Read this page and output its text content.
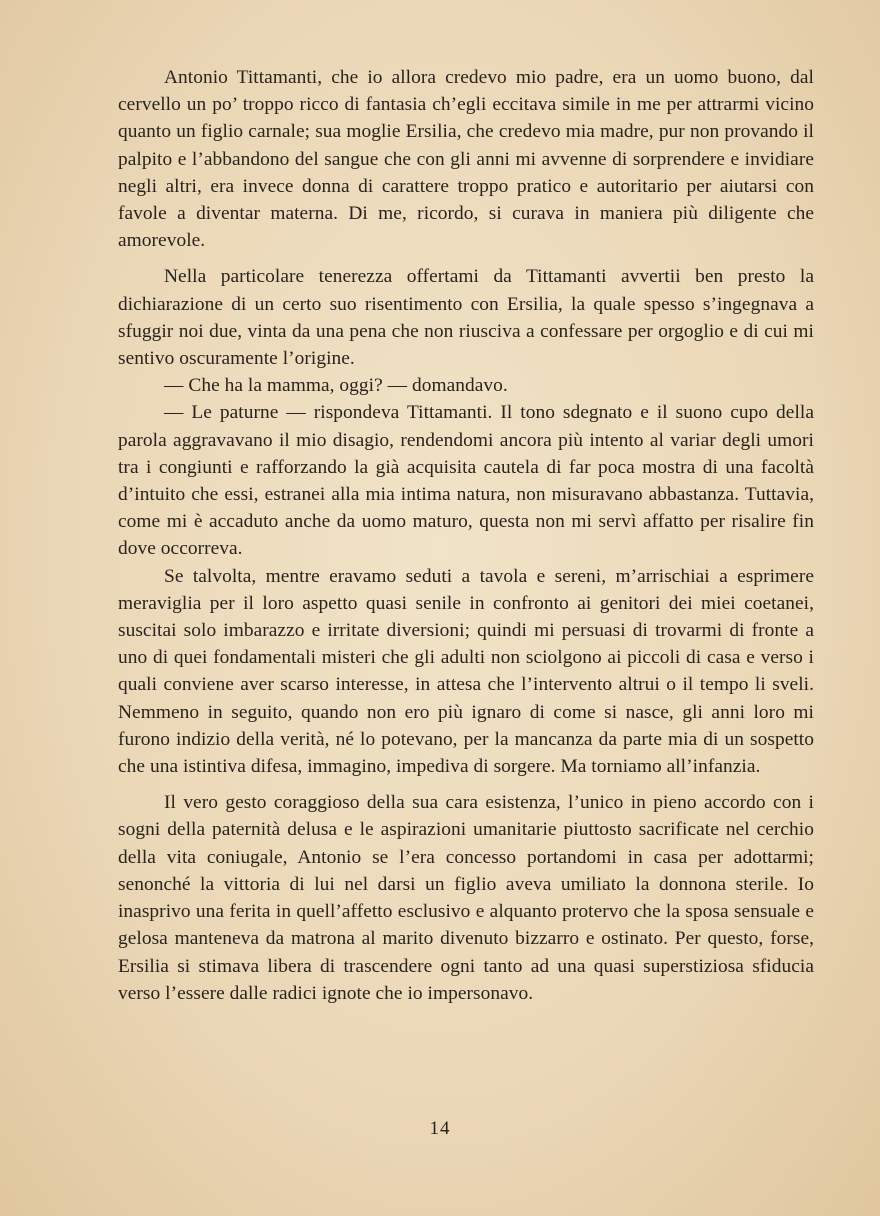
Antonio Tittamanti, che io allora credevo mio padre, era un uomo buono, dal cervello un po’ troppo ricco di fantasia ch’egli eccitava simile in me per attrarmi vicino quanto un figlio carnale; sua moglie Ersilia, che credevo mia madre, pur non provando il palpito e l’abbandono del sangue che con gli anni mi avvenne di sorprendere e invidiare negli altri, era invece donna di carattere troppo pratico e autoritario per aiutarsi con favole a diventar materna. Di me, ricordo, si curava in maniera più diligente che amorevole.

Nella particolare tenerezza offertami da Tittamanti avvertii ben presto la dichiarazione di un certo suo risentimento con Ersilia, la quale spesso s’ingegnava a sfuggir noi due, vinta da una pena che non riusciva a confessare per orgoglio e di cui mi sentivo oscuramente l’origine.

— Che ha la mamma, oggi? — domandavo.

— Le paturne — rispondeva Tittamanti. Il tono sdegnato e il suono cupo della parola aggravavano il mio disagio, rendendomi ancora più intento al variar degli umori tra i congiunti e rafforzando la già acquisita cautela di far poca mostra di una facoltà d’intuito che essi, estranei alla mia intima natura, non misuravano abbastanza. Tuttavia, come mi è accaduto anche da uomo maturo, questa non mi servì affatto per risalire fin dove occorreva.

Se talvolta, mentre eravamo seduti a tavola e sereni, m’arrischiai a esprimere meraviglia per il loro aspetto quasi senile in confronto ai genitori dei miei coetanei, suscitai solo imbarazzo e irritate diversioni; quindi mi persuasi di trovarmi di fronte a uno di quei fondamentali misteri che gli adulti non sciolgono ai piccoli di casa e verso i quali conviene aver scarso interesse, in attesa che l’intervento altrui o il tempo li sveli. Nemmeno in seguito, quando non ero più ignaro di come si nasce, gli anni loro mi furono indizio della verità, né lo potevano, per la mancanza da parte mia di un sospetto che una istintiva difesa, immagino, impediva di sorgere. Ma torniamo all’infanzia.

Il vero gesto coraggioso della sua cara esistenza, l’unico in pieno accordo con i sogni della paternità delusa e le aspirazioni umanitarie piuttosto sacrificate nel cerchio della vita coniugale, Antonio se l’era concesso portandomi in casa per adottarmi; senonché la vittoria di lui nel darsi un figlio aveva umiliato la donnona sterile. Io inasprivo una ferita in quell’affetto esclusivo e alquanto protervo che la sposa sensuale e gelosa manteneva da matrona al marito divenuto bizzarro e ostinato. Per questo, forse, Ersilia si stimava libera di trascendere ogni tanto ad una quasi superstiziosa sfiducia verso l’essere dalle radici ignote che io impersonavo.

14
